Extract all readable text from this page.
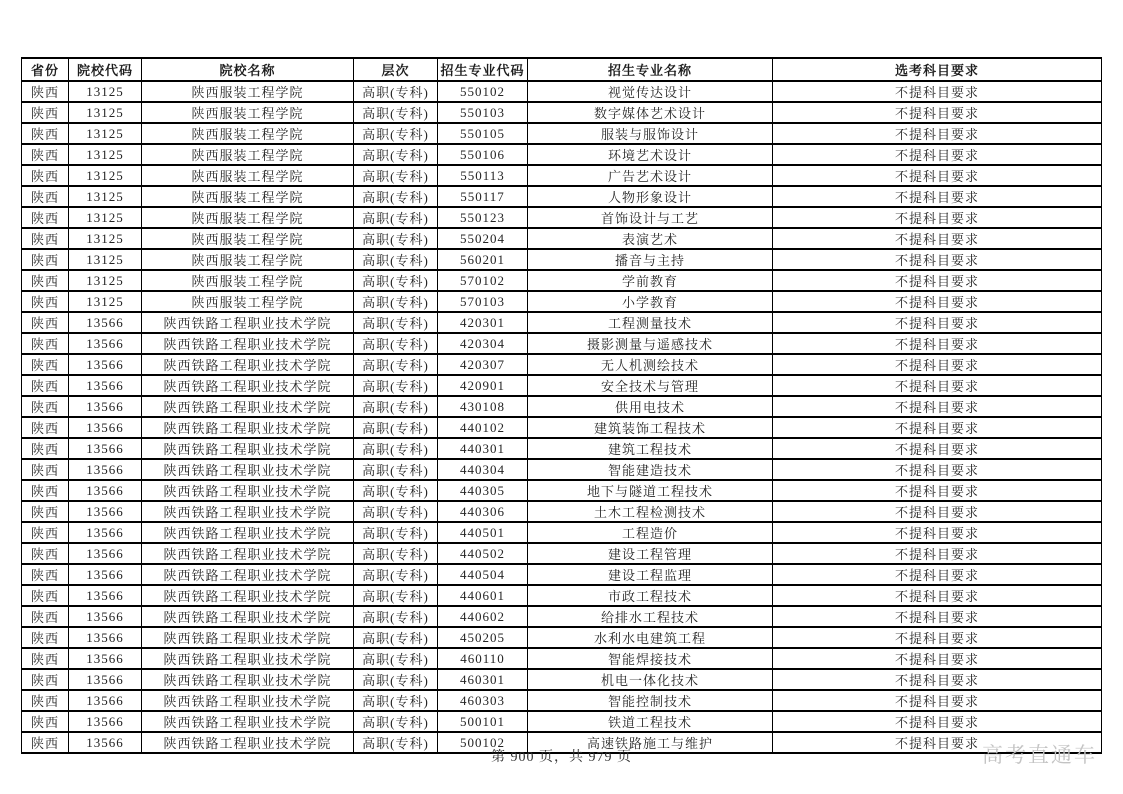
省份	院校代码	院校名称	层次	招生专业代码	招生专业名称	选考科目要求
陕西	13125	陕西服装工程学院	高职(专科)	550102	视觉传达设计	不提科目要求
陕西	13125	陕西服装工程学院	高职(专科)	550103	数字媒体艺术设计	不提科目要求
陕西	13125	陕西服装工程学院	高职(专科)	550105	服装与服饰设计	不提科目要求
陕西	13125	陕西服装工程学院	高职(专科)	550106	环境艺术设计	不提科目要求
陕西	13125	陕西服装工程学院	高职(专科)	550113	广告艺术设计	不提科目要求
陕西	13125	陕西服装工程学院	高职(专科)	550117	人物形象设计	不提科目要求
陕西	13125	陕西服装工程学院	高职(专科)	550123	首饰设计与工艺	不提科目要求
陕西	13125	陕西服装工程学院	高职(专科)	550204	表演艺术	不提科目要求
陕西	13125	陕西服装工程学院	高职(专科)	560201	播音与主持	不提科目要求
陕西	13125	陕西服装工程学院	高职(专科)	570102	学前教育	不提科目要求
陕西	13125	陕西服装工程学院	高职(专科)	570103	小学教育	不提科目要求
陕西	13566	陕西铁路工程职业技术学院	高职(专科)	420301	工程测量技术	不提科目要求
陕西	13566	陕西铁路工程职业技术学院	高职(专科)	420304	摄影测量与遥感技术	不提科目要求
陕西	13566	陕西铁路工程职业技术学院	高职(专科)	420307	无人机测绘技术	不提科目要求
陕西	13566	陕西铁路工程职业技术学院	高职(专科)	420901	安全技术与管理	不提科目要求
陕西	13566	陕西铁路工程职业技术学院	高职(专科)	430108	供用电技术	不提科目要求
陕西	13566	陕西铁路工程职业技术学院	高职(专科)	440102	建筑装饰工程技术	不提科目要求
陕西	13566	陕西铁路工程职业技术学院	高职(专科)	440301	建筑工程技术	不提科目要求
陕西	13566	陕西铁路工程职业技术学院	高职(专科)	440304	智能建造技术	不提科目要求
陕西	13566	陕西铁路工程职业技术学院	高职(专科)	440305	地下与隧道工程技术	不提科目要求
陕西	13566	陕西铁路工程职业技术学院	高职(专科)	440306	土木工程检测技术	不提科目要求
陕西	13566	陕西铁路工程职业技术学院	高职(专科)	440501	工程造价	不提科目要求
陕西	13566	陕西铁路工程职业技术学院	高职(专科)	440502	建设工程管理	不提科目要求
陕西	13566	陕西铁路工程职业技术学院	高职(专科)	440504	建设工程监理	不提科目要求
陕西	13566	陕西铁路工程职业技术学院	高职(专科)	440601	市政工程技术	不提科目要求
陕西	13566	陕西铁路工程职业技术学院	高职(专科)	440602	给排水工程技术	不提科目要求
陕西	13566	陕西铁路工程职业技术学院	高职(专科)	450205	水利水电建筑工程	不提科目要求
陕西	13566	陕西铁路工程职业技术学院	高职(专科)	460110	智能焊接技术	不提科目要求
陕西	13566	陕西铁路工程职业技术学院	高职(专科)	460301	机电一体化技术	不提科目要求
陕西	13566	陕西铁路工程职业技术学院	高职(专科)	460303	智能控制技术	不提科目要求
陕西	13566	陕西铁路工程职业技术学院	高职(专科)	500101	铁道工程技术	不提科目要求
陕西	13566	陕西铁路工程职业技术学院	高职(专科)	500102	高速铁路施工与维护	不提科目要求
第 900 页，共 979 页	高考直通车
